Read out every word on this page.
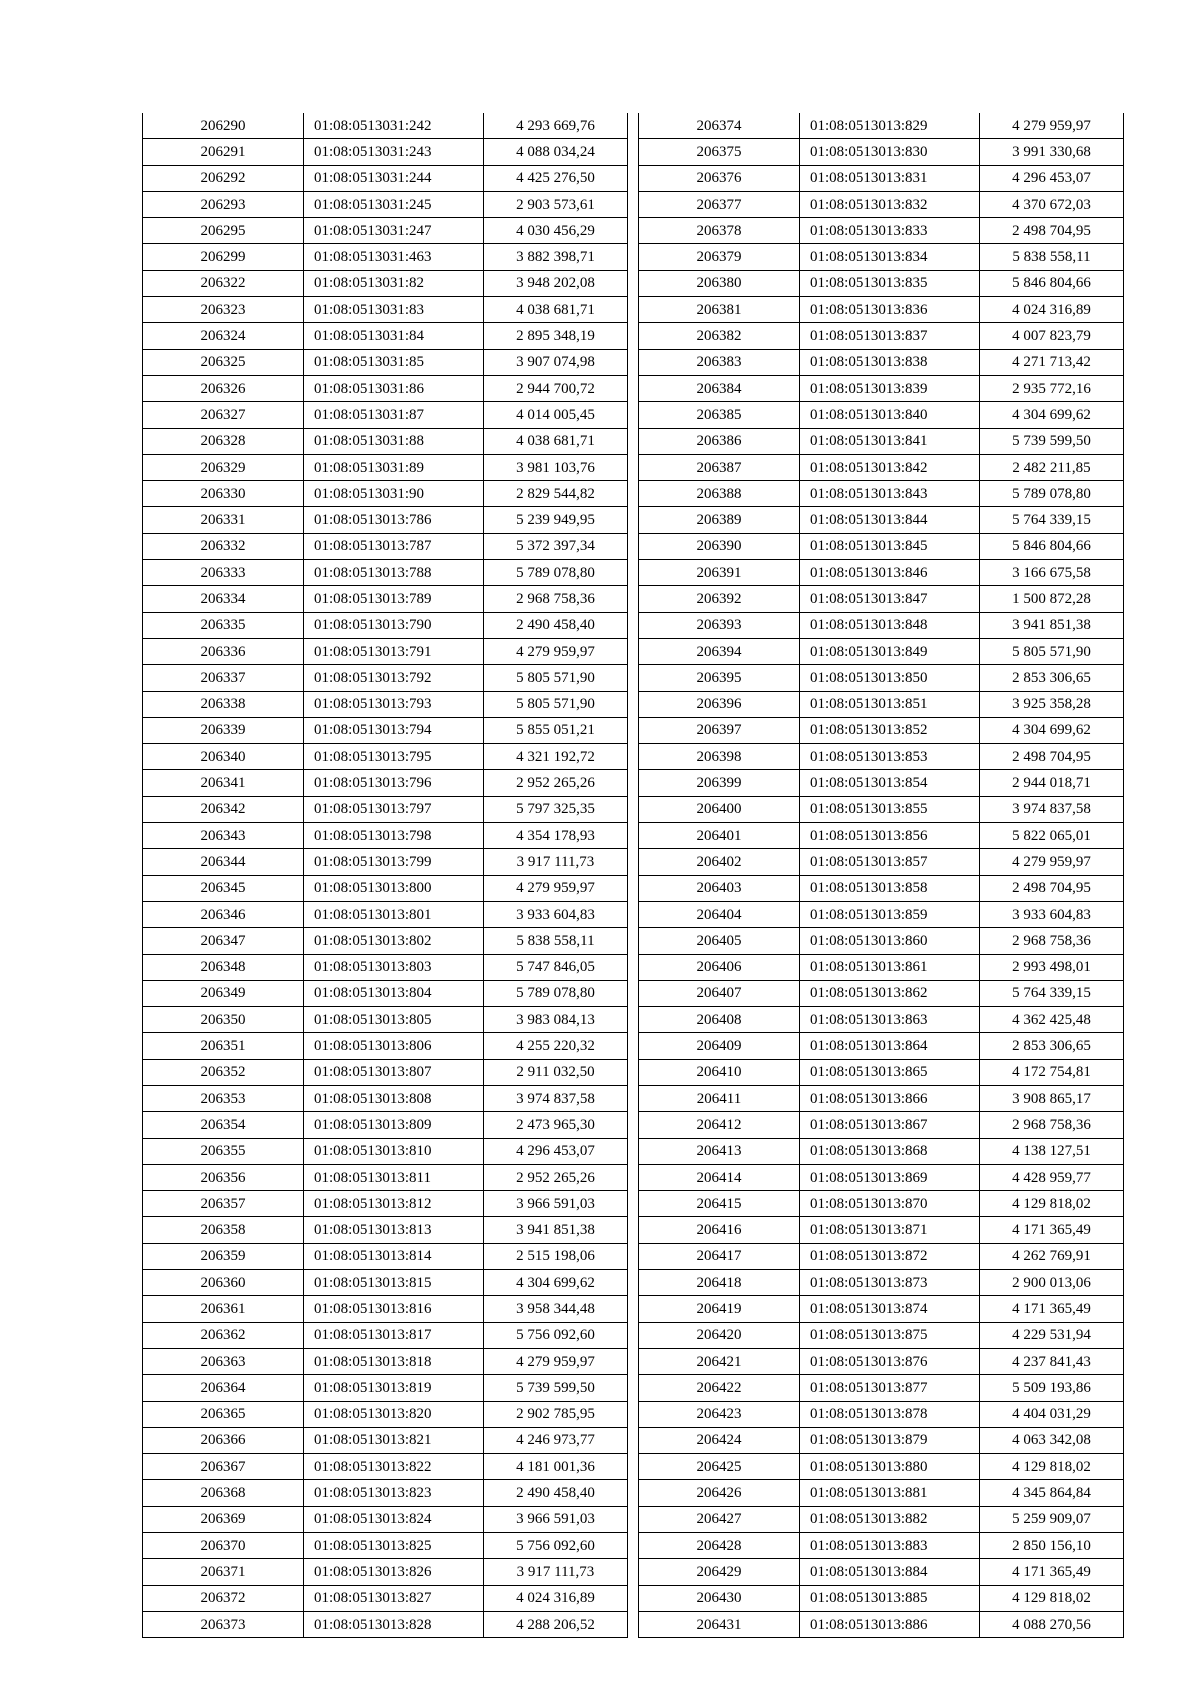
206290	01:08:0513031:242	4 293 669,76
206291	01:08:0513031:243	4 088 034,24
206292	01:08:0513031:244	4 425 276,50
206293	01:08:0513031:245	2 903 573,61
206295	01:08:0513031:247	4 030 456,29
206299	01:08:0513031:463	3 882 398,71
206322	01:08:0513031:82	3 948 202,08
206323	01:08:0513031:83	4 038 681,71
206324	01:08:0513031:84	2 895 348,19
206325	01:08:0513031:85	3 907 074,98
206326	01:08:0513031:86	2 944 700,72
206327	01:08:0513031:87	4 014 005,45
206328	01:08:0513031:88	4 038 681,71
206329	01:08:0513031:89	3 981 103,76
206330	01:08:0513031:90	2 829 544,82
206331	01:08:0513013:786	5 239 949,95
206332	01:08:0513013:787	5 372 397,34
206333	01:08:0513013:788	5 789 078,80
206334	01:08:0513013:789	2 968 758,36
206335	01:08:0513013:790	2 490 458,40
206336	01:08:0513013:791	4 279 959,97
206337	01:08:0513013:792	5 805 571,90
206338	01:08:0513013:793	5 805 571,90
206339	01:08:0513013:794	5 855 051,21
206340	01:08:0513013:795	4 321 192,72
206341	01:08:0513013:796	2 952 265,26
206342	01:08:0513013:797	5 797 325,35
206343	01:08:0513013:798	4 354 178,93
206344	01:08:0513013:799	3 917 111,73
206345	01:08:0513013:800	4 279 959,97
206346	01:08:0513013:801	3 933 604,83
206347	01:08:0513013:802	5 838 558,11
206348	01:08:0513013:803	5 747 846,05
206349	01:08:0513013:804	5 789 078,80
206350	01:08:0513013:805	3 983 084,13
206351	01:08:0513013:806	4 255 220,32
206352	01:08:0513013:807	2 911 032,50
206353	01:08:0513013:808	3 974 837,58
206354	01:08:0513013:809	2 473 965,30
206355	01:08:0513013:810	4 296 453,07
206356	01:08:0513013:811	2 952 265,26
206357	01:08:0513013:812	3 966 591,03
206358	01:08:0513013:813	3 941 851,38
206359	01:08:0513013:814	2 515 198,06
206360	01:08:0513013:815	4 304 699,62
206361	01:08:0513013:816	3 958 344,48
206362	01:08:0513013:817	5 756 092,60
206363	01:08:0513013:818	4 279 959,97
206364	01:08:0513013:819	5 739 599,50
206365	01:08:0513013:820	2 902 785,95
206366	01:08:0513013:821	4 246 973,77
206367	01:08:0513013:822	4 181 001,36
206368	01:08:0513013:823	2 490 458,40
206369	01:08:0513013:824	3 966 591,03
206370	01:08:0513013:825	5 756 092,60
206371	01:08:0513013:826	3 917 111,73
206372	01:08:0513013:827	4 024 316,89
206373	01:08:0513013:828	4 288 206,52
206374	01:08:0513013:829	4 279 959,97
206375	01:08:0513013:830	3 991 330,68
206376	01:08:0513013:831	4 296 453,07
206377	01:08:0513013:832	4 370 672,03
206378	01:08:0513013:833	2 498 704,95
206379	01:08:0513013:834	5 838 558,11
206380	01:08:0513013:835	5 846 804,66
206381	01:08:0513013:836	4 024 316,89
206382	01:08:0513013:837	4 007 823,79
206383	01:08:0513013:838	4 271 713,42
206384	01:08:0513013:839	2 935 772,16
206385	01:08:0513013:840	4 304 699,62
206386	01:08:0513013:841	5 739 599,50
206387	01:08:0513013:842	2 482 211,85
206388	01:08:0513013:843	5 789 078,80
206389	01:08:0513013:844	5 764 339,15
206390	01:08:0513013:845	5 846 804,66
206391	01:08:0513013:846	3 166 675,58
206392	01:08:0513013:847	1 500 872,28
206393	01:08:0513013:848	3 941 851,38
206394	01:08:0513013:849	5 805 571,90
206395	01:08:0513013:850	2 853 306,65
206396	01:08:0513013:851	3 925 358,28
206397	01:08:0513013:852	4 304 699,62
206398	01:08:0513013:853	2 498 704,95
206399	01:08:0513013:854	2 944 018,71
206400	01:08:0513013:855	3 974 837,58
206401	01:08:0513013:856	5 822 065,01
206402	01:08:0513013:857	4 279 959,97
206403	01:08:0513013:858	2 498 704,95
206404	01:08:0513013:859	3 933 604,83
206405	01:08:0513013:860	2 968 758,36
206406	01:08:0513013:861	2 993 498,01
206407	01:08:0513013:862	5 764 339,15
206408	01:08:0513013:863	4 362 425,48
206409	01:08:0513013:864	2 853 306,65
206410	01:08:0513013:865	4 172 754,81
206411	01:08:0513013:866	3 908 865,17
206412	01:08:0513013:867	2 968 758,36
206413	01:08:0513013:868	4 138 127,51
206414	01:08:0513013:869	4 428 959,77
206415	01:08:0513013:870	4 129 818,02
206416	01:08:0513013:871	4 171 365,49
206417	01:08:0513013:872	4 262 769,91
206418	01:08:0513013:873	2 900 013,06
206419	01:08:0513013:874	4 171 365,49
206420	01:08:0513013:875	4 229 531,94
206421	01:08:0513013:876	4 237 841,43
206422	01:08:0513013:877	5 509 193,86
206423	01:08:0513013:878	4 404 031,29
206424	01:08:0513013:879	4 063 342,08
206425	01:08:0513013:880	4 129 818,02
206426	01:08:0513013:881	4 345 864,84
206427	01:08:0513013:882	5 259 909,07
206428	01:08:0513013:883	2 850 156,10
206429	01:08:0513013:884	4 171 365,49
206430	01:08:0513013:885	4 129 818,02
206431	01:08:0513013:886	4 088 270,56
